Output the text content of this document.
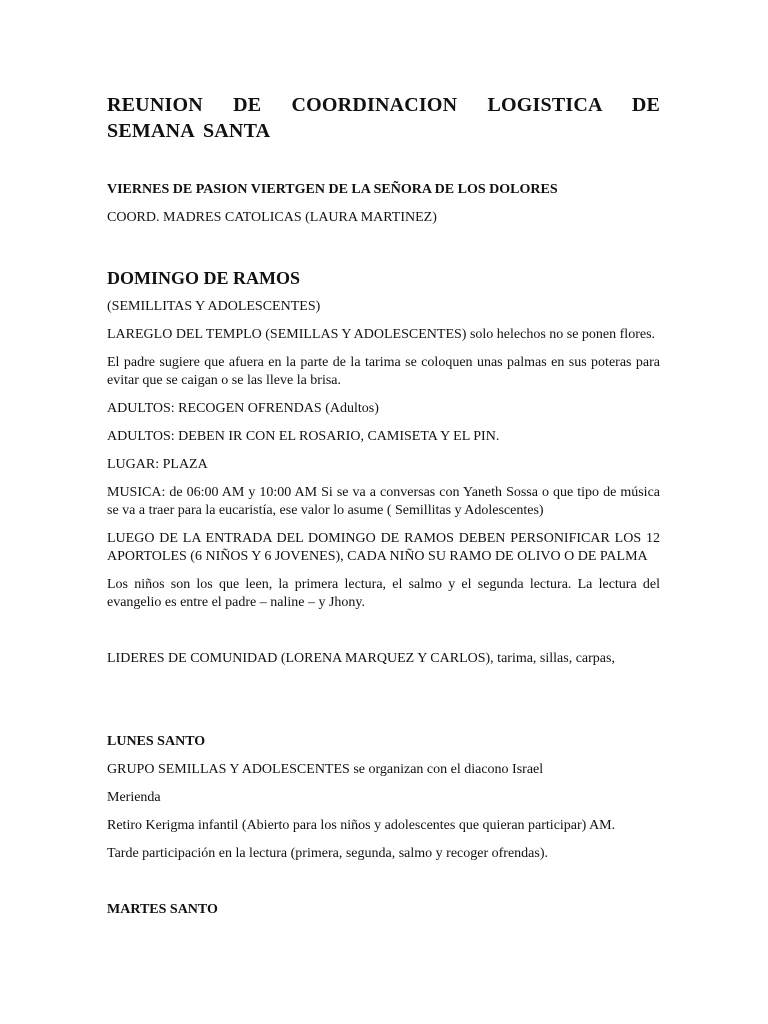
REUNION DE COORDINACION LOGISTICA DE SEMANA SANTA
VIERNES DE PASION VIERTGEN DE LA SEÑORA DE LOS DOLORES
COORD. MADRES CATOLICAS (LAURA MARTINEZ)
DOMINGO DE RAMOS
(SEMILLITAS Y ADOLESCENTES)
LAREGLO DEL TEMPLO (SEMILLAS Y ADOLESCENTES) solo helechos no se ponen flores.
El padre sugiere que afuera en la parte de la tarima se coloquen unas palmas en sus poteras para evitar que se caigan o se las lleve la brisa.
ADULTOS: RECOGEN OFRENDAS (Adultos)
ADULTOS: DEBEN IR CON EL ROSARIO, CAMISETA Y EL PIN.
LUGAR: PLAZA
MUSICA: de 06:00 AM y 10:00 AM Si se va a conversas con Yaneth Sossa o que tipo de música se va a traer para la eucaristía, ese valor lo asume ( Semillitas y Adolescentes)
LUEGO DE LA ENTRADA DEL DOMINGO DE RAMOS DEBEN PERSONIFICAR LOS 12 APORTOLES (6 NIÑOS Y 6 JOVENES), CADA NIÑO SU RAMO DE OLIVO O DE PALMA
Los niños son los que leen, la primera lectura, el salmo y el segunda lectura. La lectura del evangelio es entre el padre – naline – y Jhony.
LIDERES DE COMUNIDAD (LORENA MARQUEZ Y CARLOS), tarima, sillas, carpas,
LUNES SANTO
GRUPO SEMILLAS Y ADOLESCENTES se organizan con el diacono Israel
Merienda
Retiro Kerigma infantil (Abierto para los niños y adolescentes que quieran participar) AM.
Tarde participación en la lectura (primera, segunda, salmo y recoger ofrendas).
MARTES SANTO
